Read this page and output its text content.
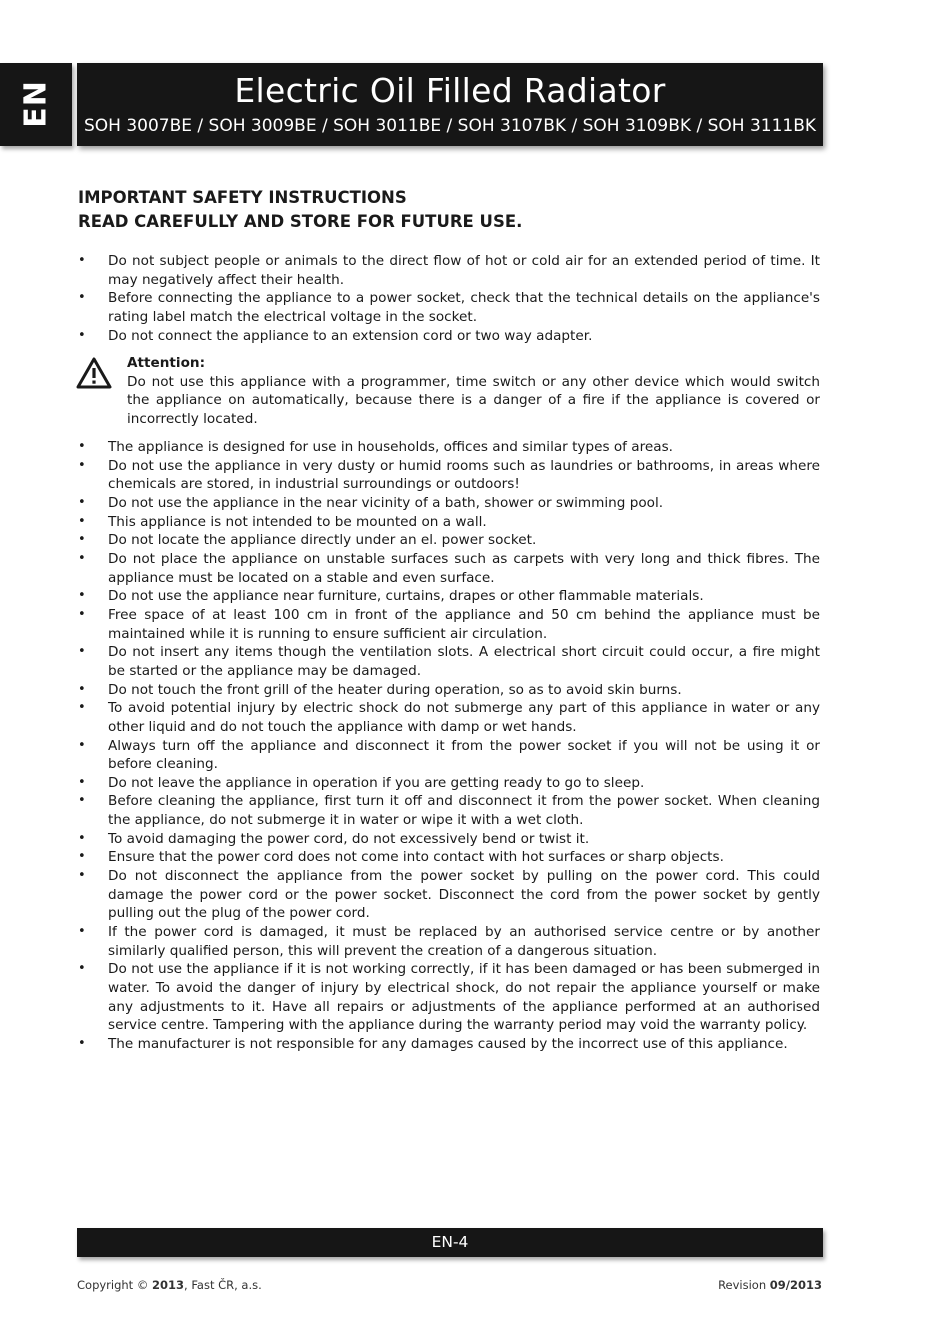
EN	Electric Oil Filled Radiator
SOH 3007BE / SOH 3009BE / SOH 3011BE / SOH 3107BK / SOH 3109BK / SOH 3111BK
IMPORTANT SAFETY INSTRUCTIONS
READ CAREFULLY AND STORE FOR FUTURE USE.
• Do not subject people or animals to the direct flow of hot or cold air for an extended period of time. It may negatively affect their health.
• Before connecting the appliance to a power socket, check that the technical details on the appliance's rating label match the electrical voltage in the socket.
• Do not connect the appliance to an extension cord or two way adapter.
Attention:
Do not use this appliance with a programmer, time switch or any other device which would switch the appliance on automatically, because there is a danger of a fire if the appliance is covered or incorrectly located.
• The appliance is designed for use in households, offices and similar types of areas.
• Do not use the appliance in very dusty or humid rooms such as laundries or bathrooms, in areas where chemicals are stored, in industrial surroundings or outdoors!
• Do not use the appliance in the near vicinity of a bath, shower or swimming pool.
• This appliance is not intended to be mounted on a wall.
• Do not locate the appliance directly under an el. power socket.
• Do not place the appliance on unstable surfaces such as carpets with very long and thick fibres. The appliance must be located on a stable and even surface.
• Do not use the appliance near furniture, curtains, drapes or other flammable materials.
• Free space of at least 100 cm in front of the appliance and 50 cm behind the appliance must be maintained while it is running to ensure sufficient air circulation.
• Do not insert any items though the ventilation slots. A electrical short circuit could occur, a fire might be started or the appliance may be damaged.
• Do not touch the front grill of the heater during operation, so as to avoid skin burns.
• To avoid potential injury by electric shock do not submerge any part of this appliance in water or any other liquid and do not touch the appliance with damp or wet hands.
• Always turn off the appliance and disconnect it from the power socket if you will not be using it or before cleaning.
• Do not leave the appliance in operation if you are getting ready to go to sleep.
• Before cleaning the appliance, first turn it off and disconnect it from the power socket. When cleaning the appliance, do not submerge it in water or wipe it with a wet cloth.
• To avoid damaging the power cord, do not excessively bend or twist it.
• Ensure that the power cord does not come into contact with hot surfaces or sharp objects.
• Do not disconnect the appliance from the power socket by pulling on the power cord. This could damage the power cord or the power socket. Disconnect the cord from the power socket by gently pulling out the plug of the power cord.
• If the power cord is damaged, it must be replaced by an authorised service centre or by another similarly qualified person, this will prevent the creation of a dangerous situation.
• Do not use the appliance if it is not working correctly, if it has been damaged or has been submerged in water. To avoid the danger of injury by electrical shock, do not repair the appliance yourself or make any adjustments to it. Have all repairs or adjustments of the appliance performed at an authorised service centre. Tampering with the appliance during the warranty period may void the warranty policy.
• The manufacturer is not responsible for any damages caused by the incorrect use of this appliance.
EN-4
Copyright © 2013, Fast ČR, a.s.	Revision 09/2013
